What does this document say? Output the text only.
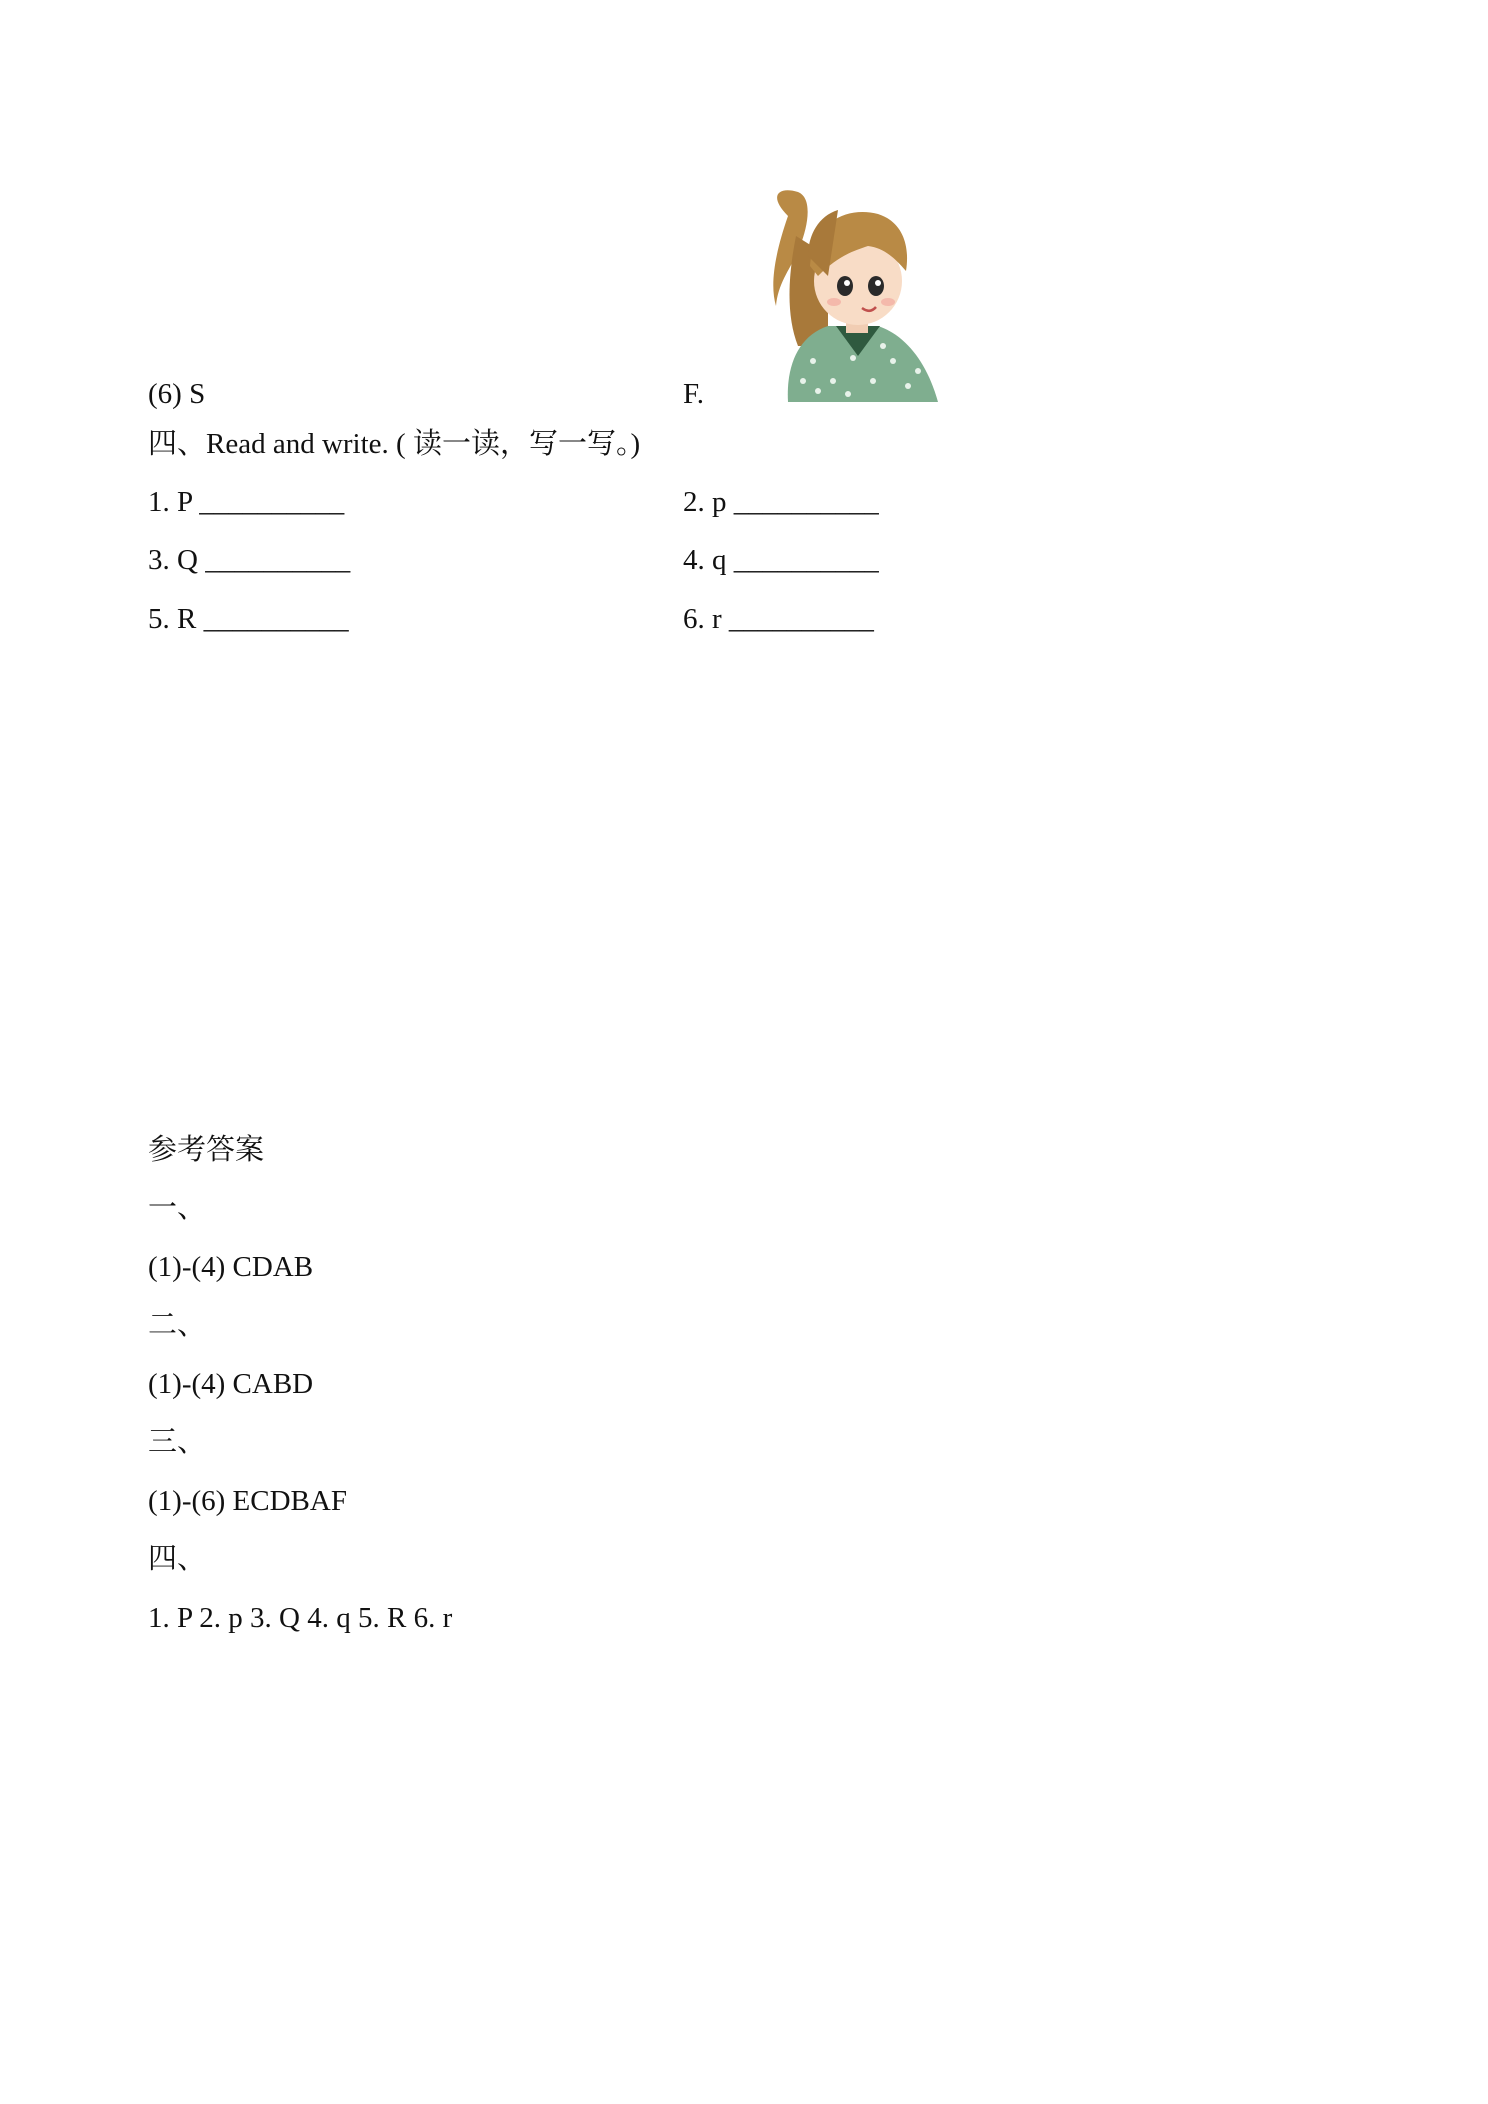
(6) S	F.
四、Read and write. ( 读一读，写一写。)
1. P __________	2. p __________
3. Q __________	4. q __________
5. R __________	6. r __________
参考答案
一、
(1)-(4) CDAB
二、
(1)-(4) CABD
三、
(1)-(6) ECDBAF
四、
1. P 2. p 3. Q 4. q 5. R 6. r
